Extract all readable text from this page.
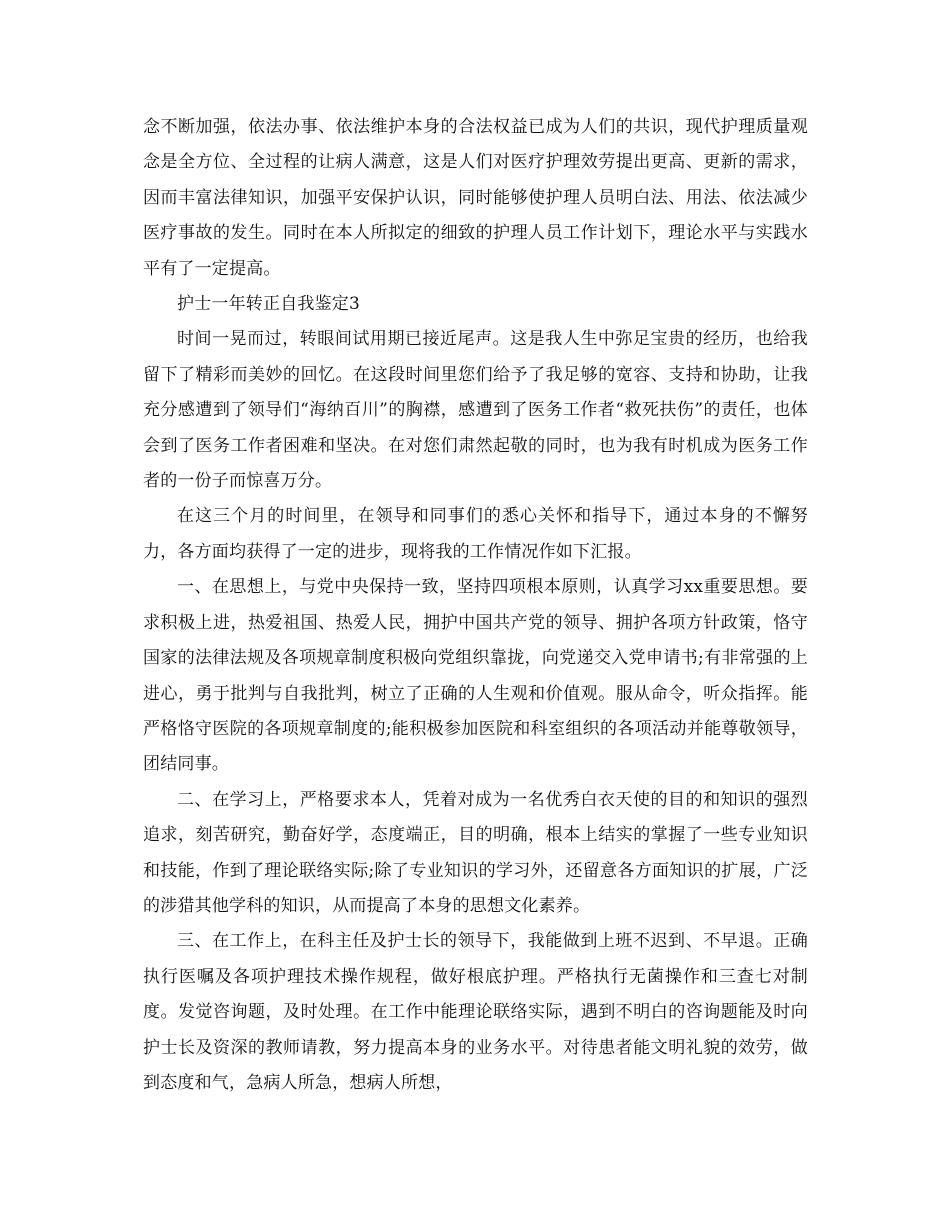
念不断加强，依法办事、依法维护本身的合法权益已成为人们的共识，现代护理质量观念是全方位、全过程的让病人满意，这是人们对医疗护理效劳提出更高、更新的需求，因而丰富法律知识，加强平安保护认识，同时能够使护理人员明白法、用法、依法减少医疗事故的发生。同时在本人所拟定的细致的护理人员工作计划下，理论水平与实践水平有了一定提高。

护士一年转正自我鉴定3

时间一晃而过，转眼间试用期已接近尾声。这是我人生中弥足宝贵的经历，也给我留下了精彩而美妙的回忆。在这段时间里您们给予了我足够的宽容、支持和协助，让我充分感遭到了领导们“海纳百川”的胸襟，感遭到了医务工作者“救死扶伤”的责任，也体会到了医务工作者困难和坚决。在对您们肃然起敬的同时，也为我有时机成为医务工作者的一份子而惊喜万分。

在这三个月的时间里，在领导和同事们的悉心关怀和指导下，通过本身的不懈努力，各方面均获得了一定的进步，现将我的工作情况作如下汇报。

一、在思想上，与党中央保持一致，坚持四项根本原则，认真学习xx重要思想。要求积极上进，热爱祖国、热爱人民，拥护中国共产党的领导、拥护各项方针政策，恪守国家的法律法规及各项规章制度积极向党组织靠拢，向党递交入党申请书;有非常强的上进心，勇于批判与自我批判，树立了正确的人生观和价值观。服从命令，听众指挥。能严格恪守医院的各项规章制度的;能积极参加医院和科室组织的各项活动并能尊敬领导，团结同事。

二、在学习上，严格要求本人，凭着对成为一名优秀白衣天使的目的和知识的强烈追求，刻苦研究，勤奋好学，态度端正，目的明确，根本上结实的掌握了一些专业知识和技能，作到了理论联络实际;除了专业知识的学习外，还留意各方面知识的扩展，广泛的涉猎其他学科的知识，从而提高了本身的思想文化素养。

三、在工作上，在科主任及护士长的领导下，我能做到上班不迟到、不早退。正确执行医嘱及各项护理技术操作规程，做好根底护理。严格执行无菌操作和三查七对制度。发觉咨询题，及时处理。在工作中能理论联络实际，遇到不明白的咨询题能及时向护士长及资深的教师请教，努力提高本身的业务水平。对待患者能文明礼貌的效劳，做到态度和气，急病人所急，想病人所想，
